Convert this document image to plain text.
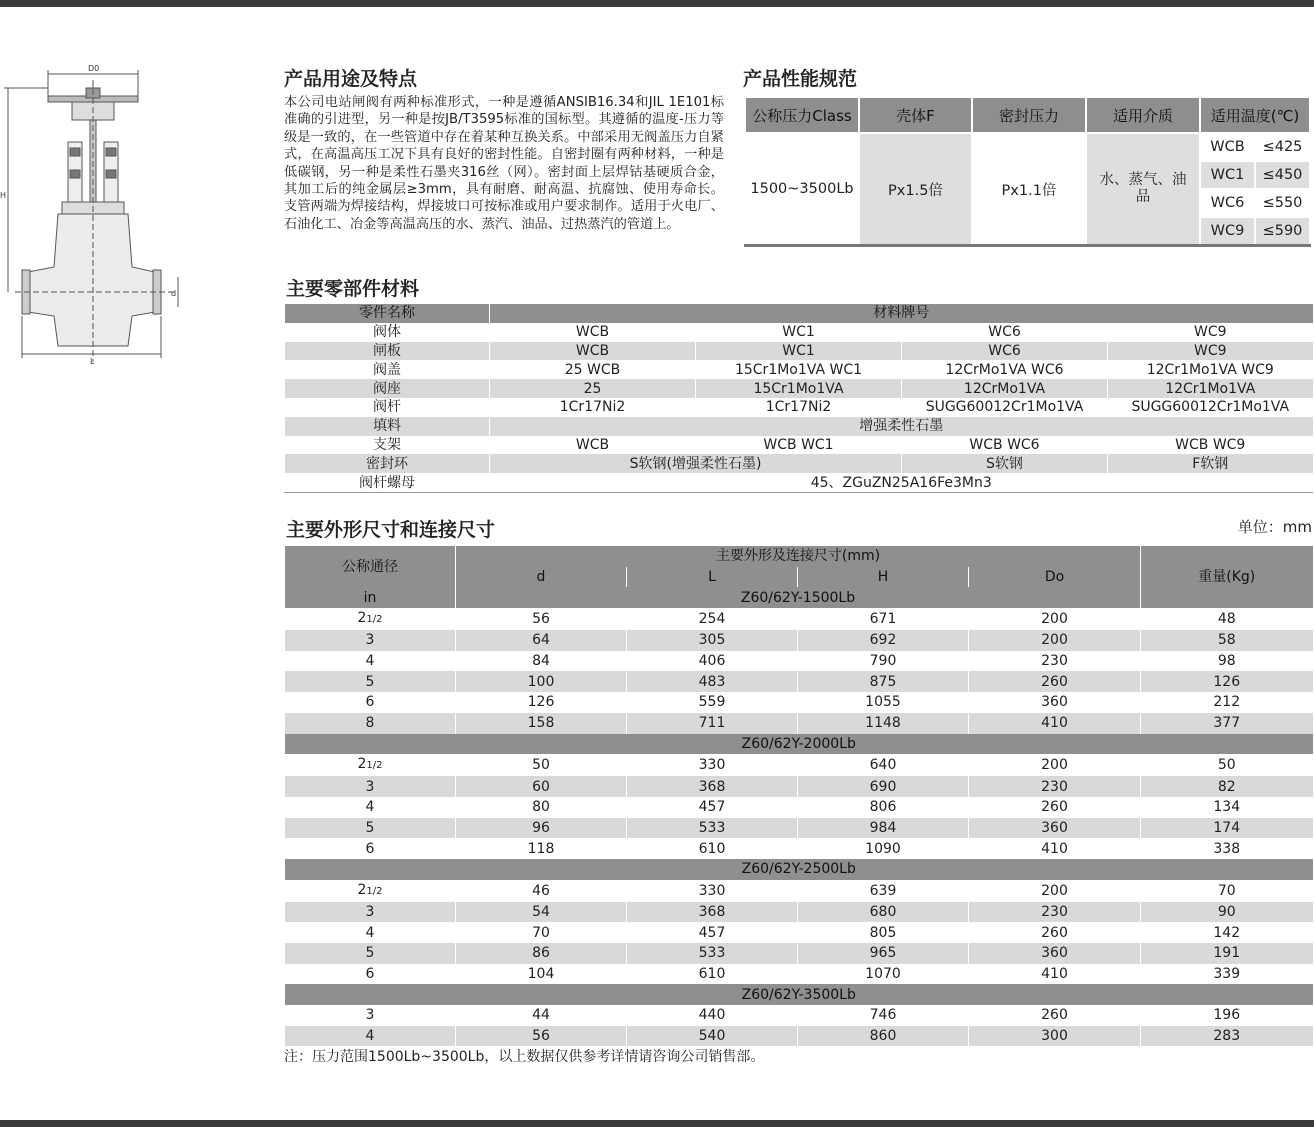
D0
H
d
L
产品用途及特点	产品性能规范
主要零部件材料
主要外形尺寸和连接尺寸

本公司电站闸阀有两种标准形式，一种是遵循ANSIB16.34和JIL 1E101标准确的引进型，另一种是按JB/T3595标准的国标型。其遵循的温度-压力等级是一致的，在一些管道中存在着某种互换关系。中部采用无阀盖压力自紧式，在高温高压工况下具有良好的密封性能。自密封圈有两种材料，一种是低碳钢，另一种是柔性石墨夹316丝（网）。密封面上层焊钴基硬质合金，其加工后的纯金属层≥3mm，具有耐磨、耐高温、抗腐蚀、使用寿命长。支管两端为焊接结构，焊接坡口可按标准或用户要求制作。适用于火电厂、石油化工、冶金等高温高压的水、蒸汽、油品、过热蒸汽的管道上。

公称压力Class	壳体F	密封压力	适用介质	适用温度(℃)	
1500~3500Lb	Px1.5倍	Px1.1倍	水、蒸气、油品	WCB	≤425
				WC1	≤450
				WC6	≤550
				WC9	≤590
零件名称	材料牌号			
阀体	WCB	WC1	WC6	WC9
闸板	WCB	WC1	WC6	WC9
阀盖	25 WCB	15Cr1Mo1VA WC1	12CrMo1VA WC6	12Cr1Mo1VA WC9
阀座	25	15Cr1Mo1VA	12CrMo1VA	12Cr1Mo1VA
阀杆	1Cr17Ni2	1Cr17Ni2	SUGG60012Cr1Mo1VA	SUGG60012Cr1Mo1VA
填料	增强柔性石墨			
支架	WCB	WCB WC1	WCB WC6	WCB WC9
密封环	S软钢(增强柔性石墨)		S软钢	F软钢
阀杆螺母	45、ZGuZN25A16Fe3Mn3			
单位：mm
公称通径	主要外形及连接尺寸(mm)				重量(Kg)
	d	L	H	Do	
in	Z60/62Y-1500Lb				
21/2	56	254	671	200	48
3	64	305	692	200	58
4	84	406	790	230	98
5	100	483	875	260	126
6	126	559	1055	360	212
8	158	711	1148	410	377
Z60/62Y-2000Lb					
21/2	50	330	640	200	50
3	60	368	690	230	82
4	80	457	806	260	134
5	96	533	984	360	174
6	118	610	1090	410	338
Z60/62Y-2500Lb					
21/2	46	330	639	200	70
3	54	368	680	230	90
4	70	457	805	260	142
5	86	533	965	360	191
6	104	610	1070	410	339
Z60/62Y-3500Lb					
3	44	440	746	260	196
4	56	540	860	300	283
注：压力范围1500Lb~3500Lb，以上数据仅供参考详情请咨询公司销售部。
